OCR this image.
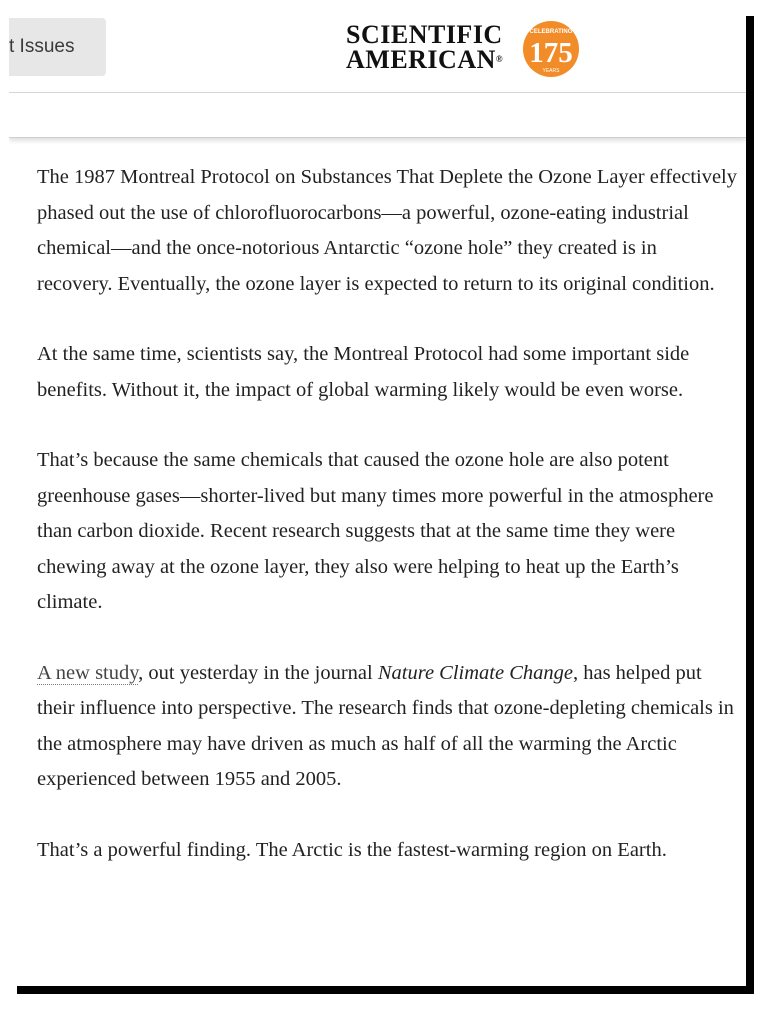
t Issues	SCIENTIFIC
AMERICAN®
CELEBRATING
175
YEARS

The 1987 Montreal Protocol on Substances That Deplete the Ozone Layer effectively phased out the use of chlorofluorocarbons—a powerful, ozone-eating industrial chemical—and the once-notorious Antarctic “ozone hole” they created is in recovery. Eventually, the ozone layer is expected to return to its original condition.

At the same time, scientists say, the Montreal Protocol had some important side benefits. Without it, the impact of global warming likely would be even worse.

That’s because the same chemicals that caused the ozone hole are also potent greenhouse gases—shorter-lived but many times more powerful in the atmosphere than carbon dioxide. Recent research suggests that at the same time they were chewing away at the ozone layer, they also were helping to heat up the Earth’s climate.

A new study, out yesterday in the journal Nature Climate Change, has helped put their influence into perspective. The research finds that ozone-depleting chemicals in the atmosphere may have driven as much as half of all the warming the Arctic experienced between 1955 and 2005.

That’s a powerful finding. The Arctic is the fastest-warming region on Earth.
